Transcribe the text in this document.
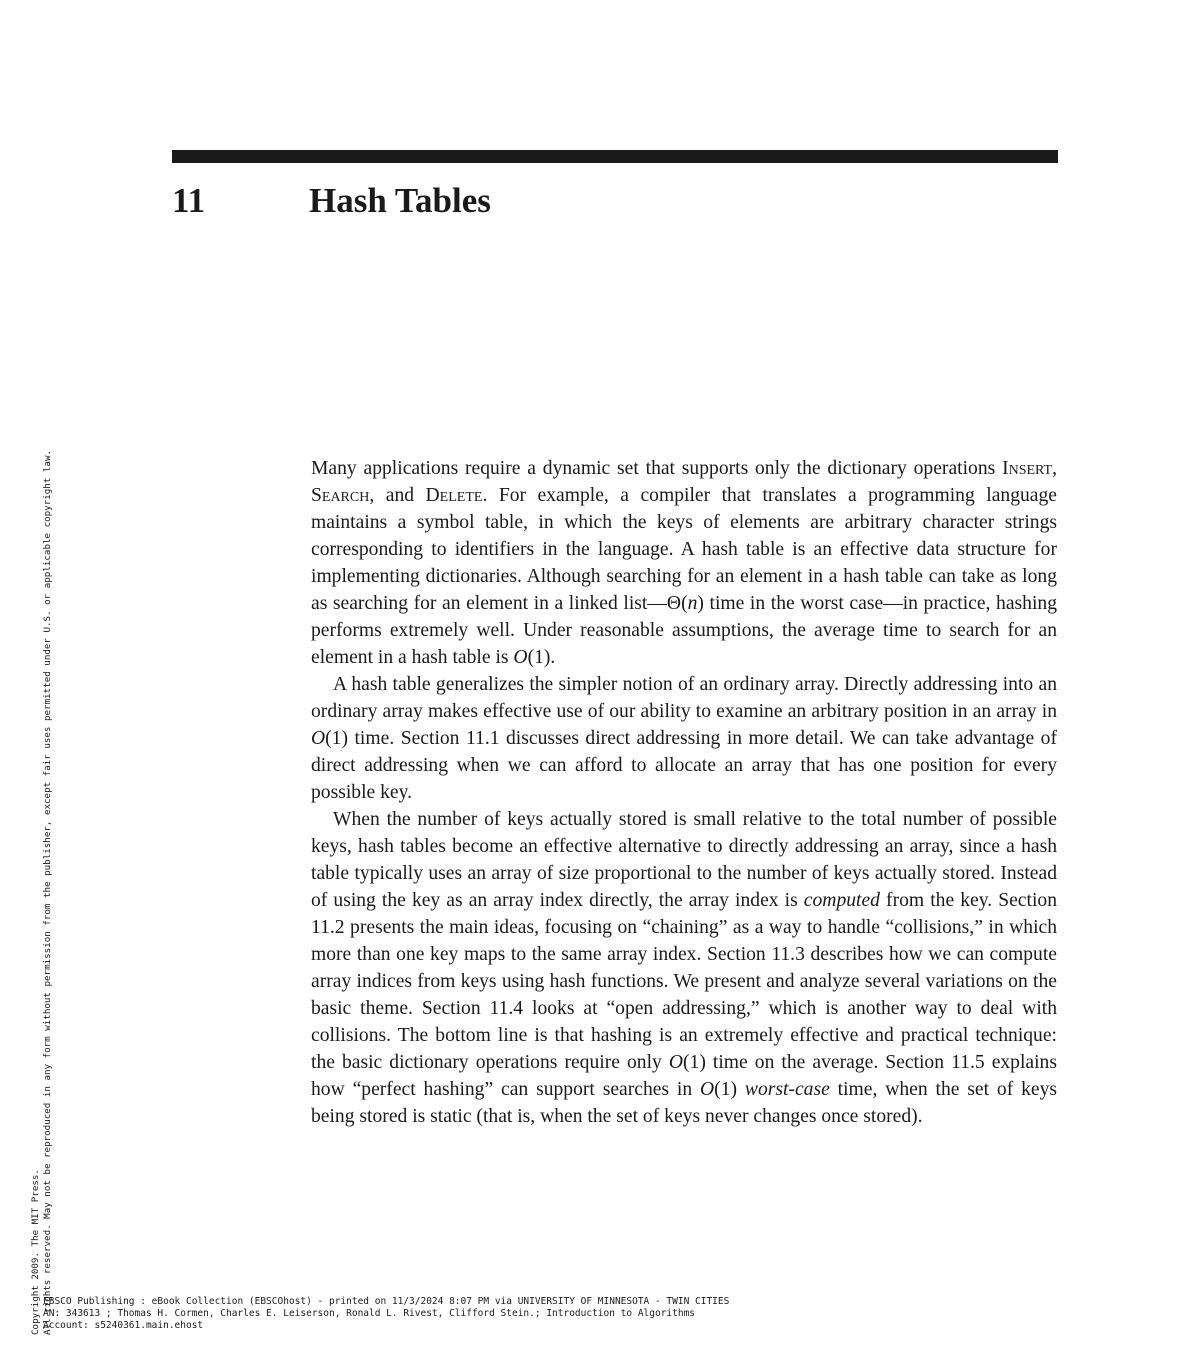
11	Hash Tables

Many applications require a dynamic set that supports only the dictionary operations Insert, Search, and Delete. For example, a compiler that translates a programming language maintains a symbol table, in which the keys of elements are arbitrary character strings corresponding to identifiers in the language. A hash table is an effective data structure for implementing dictionaries. Although searching for an element in a hash table can take as long as searching for an element in a linked list—Θ(n) time in the worst case—in practice, hashing performs extremely well. Under reasonable assumptions, the average time to search for an element in a hash table is O(1).

A hash table generalizes the simpler notion of an ordinary array. Directly addressing into an ordinary array makes effective use of our ability to examine an arbitrary position in an array in O(1) time. Section 11.1 discusses direct addressing in more detail. We can take advantage of direct addressing when we can afford to allocate an array that has one position for every possible key.

When the number of keys actually stored is small relative to the total number of possible keys, hash tables become an effective alternative to directly addressing an array, since a hash table typically uses an array of size proportional to the number of keys actually stored. Instead of using the key as an array index directly, the array index is computed from the key. Section 11.2 presents the main ideas, focusing on “chaining” as a way to handle “collisions,” in which more than one key maps to the same array index. Section 11.3 describes how we can compute array indices from keys using hash functions. We present and analyze several variations on the basic theme. Section 11.4 looks at “open addressing,” which is another way to deal with collisions. The bottom line is that hashing is an extremely effective and practical technique: the basic dictionary operations require only O(1) time on the average. Section 11.5 explains how “perfect hashing” can support searches in O(1) worst-case time, when the set of keys being stored is static (that is, when the set of keys never changes once stored).

Copyright 2009. The MIT Press. All rights reserved. May not be reproduced in any form without permission from the publisher, except fair uses permitted under U.S. or applicable copyright law.
EBSCO Publishing : eBook Collection (EBSCOhost) - printed on 11/3/2024 8:07 PM via UNIVERSITY OF MINNESOTA - TWIN CITIES
AN: 343613 ; Thomas H. Cormen, Charles E. Leiserson, Ronald L. Rivest, Clifford Stein.; Introduction to Algorithms
Account: s5240361.main.ehost
